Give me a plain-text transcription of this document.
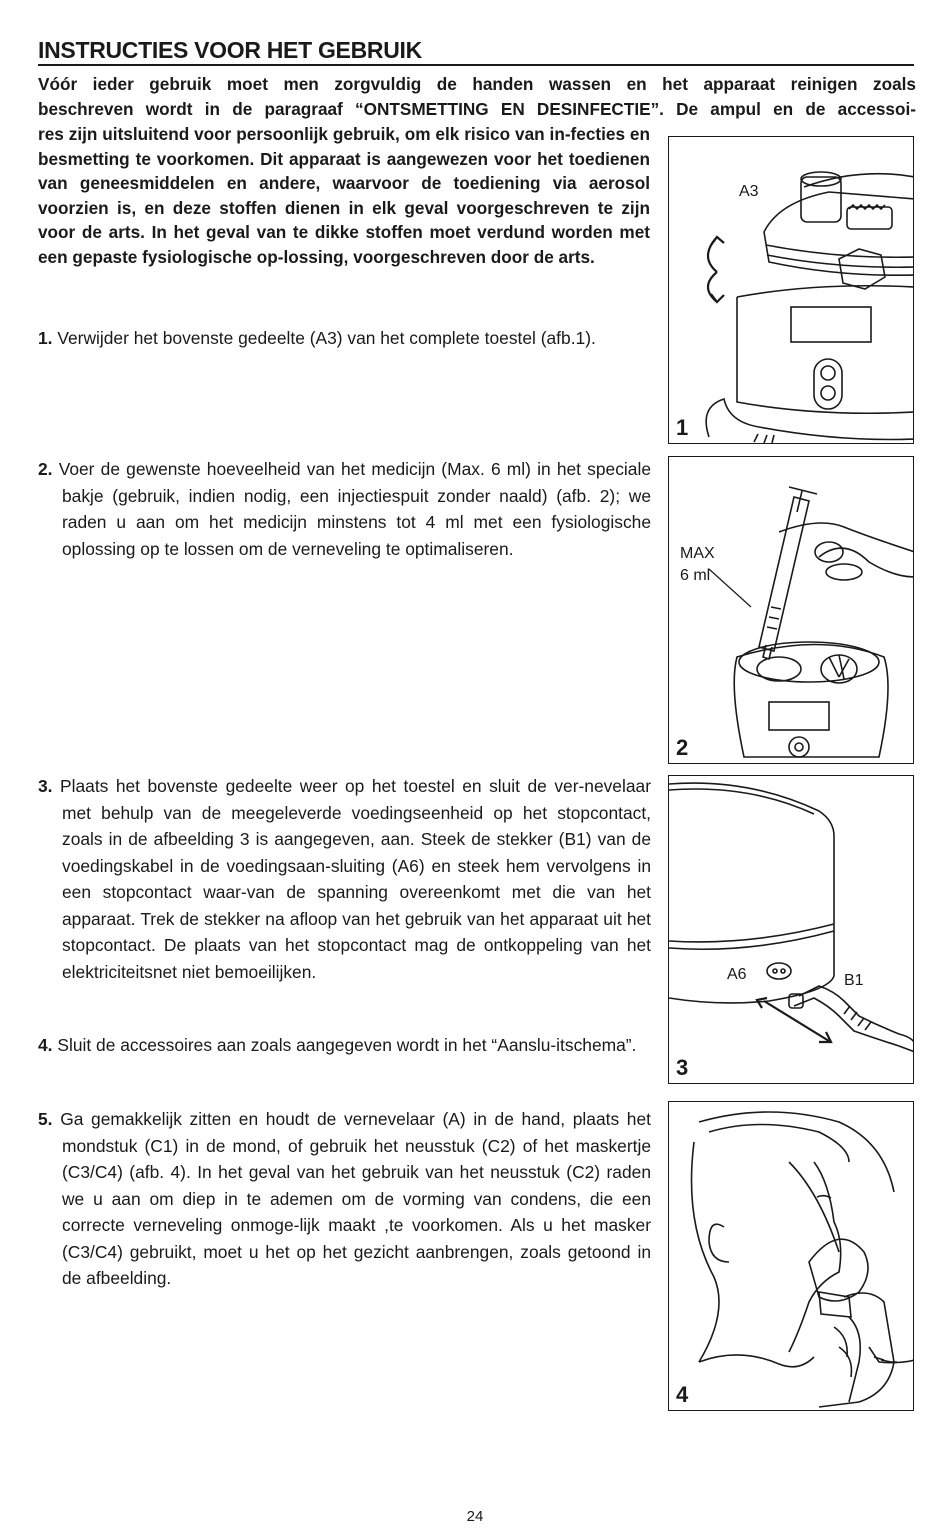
INSTRUCTIES VOOR HET GEBRUIK
Vóór ieder gebruik moet men zorgvuldig de handen wassen en het apparaat reinigen zoals
beschreven wordt in de paragraaf “ONTSMETTING EN DESINFECTIE”. De ampul en de accessoi-
res zijn uitsluitend voor persoonlijk gebruik, om elk risico van in-fecties en besmetting te voorkomen. Dit apparaat is aangewezen voor het toedienen van geneesmiddelen en andere, waarvoor de toediening via aerosol voorzien is, en deze stoffen dienen in elk geval voorgeschreven te zijn voor de arts. In het geval van te dikke stoffen moet verdund worden met een gepaste fysiologische op-lossing, voorgeschreven door de arts.
1. Verwijder het bovenste gedeelte (A3) van het complete toestel (afb.1).
2. Voer de gewenste hoeveelheid van het medicijn (Max. 6 ml) in het speciale bakje (gebruik, indien nodig, een injectiespuit zonder naald) (afb. 2); we raden u aan om het medicijn minstens tot 4 ml met een fysiologische oplossing op te lossen om de verneveling te optimaliseren.
3. Plaats het bovenste gedeelte weer op het toestel en sluit de ver-nevelaar met behulp van de meegeleverde voedingseenheid op het stopcontact, zoals in de afbeelding 3 is aangegeven, aan. Steek de stekker (B1) van de voedingskabel in de voedingsaan-sluiting (A6) en steek hem vervolgens in een stopcontact waar-van de spanning overeenkomt met die van het apparaat. Trek de stekker na afloop van het gebruik van het apparaat uit het stopcontact. De plaats van het stopcontact mag de ontkoppeling van het elektriciteitsnet niet bemoeilijken.
4. Sluit de accessoires aan zoals aangegeven wordt in het “Aanslu-itschema”.
5. Ga gemakkelijk zitten en houdt de vernevelaar (A) in de hand, plaats het mondstuk (C1) in de mond, of gebruik het neusstuk (C2) of het maskertje (C3/C4) (afb. 4). In het geval van het gebruik van het neusstuk (C2) raden we u aan om diep in te ademen om de vorming van condens, die een correcte verneveling onmoge-lijk maakt ,te voorkomen. Als u het masker (C3/C4) gebruikt, moet u het op het gezicht aanbrengen, zoals getoond in de afbeelding.
A3
1
MAX
6 ml
2
A6	B1
3
4
24
